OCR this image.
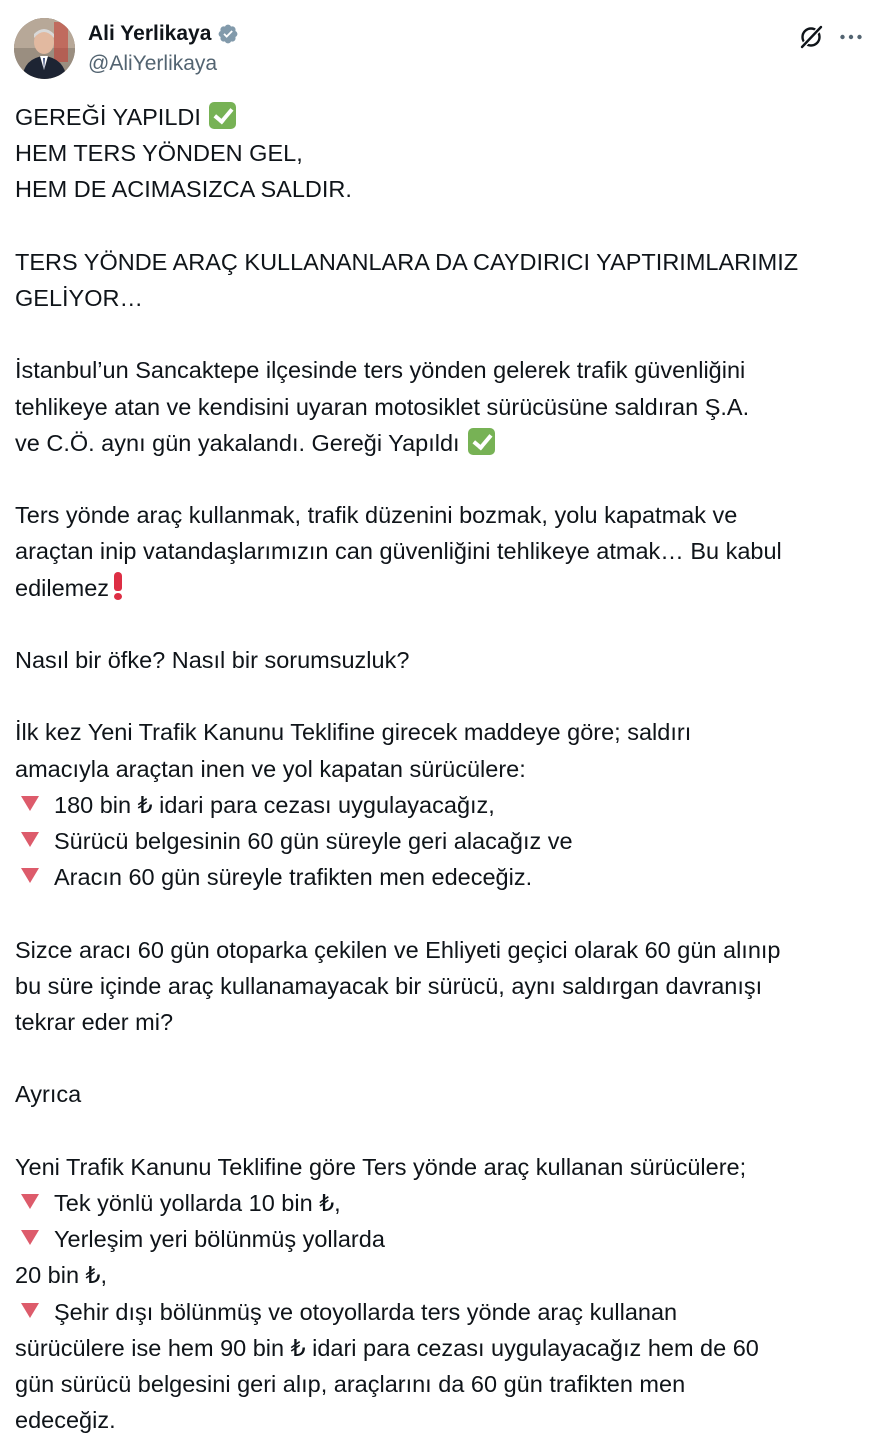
Ali Yerlikaya
@AliYerlikaya

GEREĞİ YAPILDI

HEM TERS YÖNDEN GEL,

HEM DE ACIMASIZCA SALDIR.

TERS YÖNDE ARAÇ KULLANANLARA DA CAYDIRICI YAPTIRIMLARIMIZ

GELİYOR…

İstanbul’un Sancaktepe ilçesinde ters yönden gelerek trafik güvenliğini

tehlikeye atan ve kendisini uyaran motosiklet sürücüsüne saldıran Ş.A.

ve C.Ö. aynı gün yakalandı. Gereği Yapıldı

Ters yönde araç kullanmak, trafik düzenini bozmak, yolu kapatmak ve

araçtan inip vatandaşlarımızın can güvenliğini tehlikeye atmak… Bu kabul

edilemez

Nasıl bir öfke? Nasıl bir sorumsuzluk?

İlk kez Yeni Trafik Kanunu Teklifine girecek maddeye göre; saldırı

amacıyla araçtan inen ve yol kapatan sürücülere:

180 bin ₺ idari para cezası uygulayacağız,

Sürücü belgesinin 60 gün süreyle geri alacağız ve

Aracın 60 gün süreyle trafikten men edeceğiz.

Sizce aracı 60 gün otoparka çekilen ve Ehliyeti geçici olarak 60 gün alınıp

bu süre içinde araç kullanamayacak bir sürücü, aynı saldırgan davranışı

tekrar eder mi?

Ayrıca

Yeni Trafik Kanunu Teklifine göre Ters yönde araç kullanan sürücülere;

Tek yönlü yollarda 10 bin ₺,

Yerleşim yeri bölünmüş yollarda

20 bin ₺,

Şehir dışı bölünmüş ve otoyollarda ters yönde araç kullanan

sürücülere ise hem 90 bin ₺ idari para cezası uygulayacağız hem de 60

gün sürücü belgesini geri alıp, araçlarını da 60 gün trafikten men

edeceğiz.
